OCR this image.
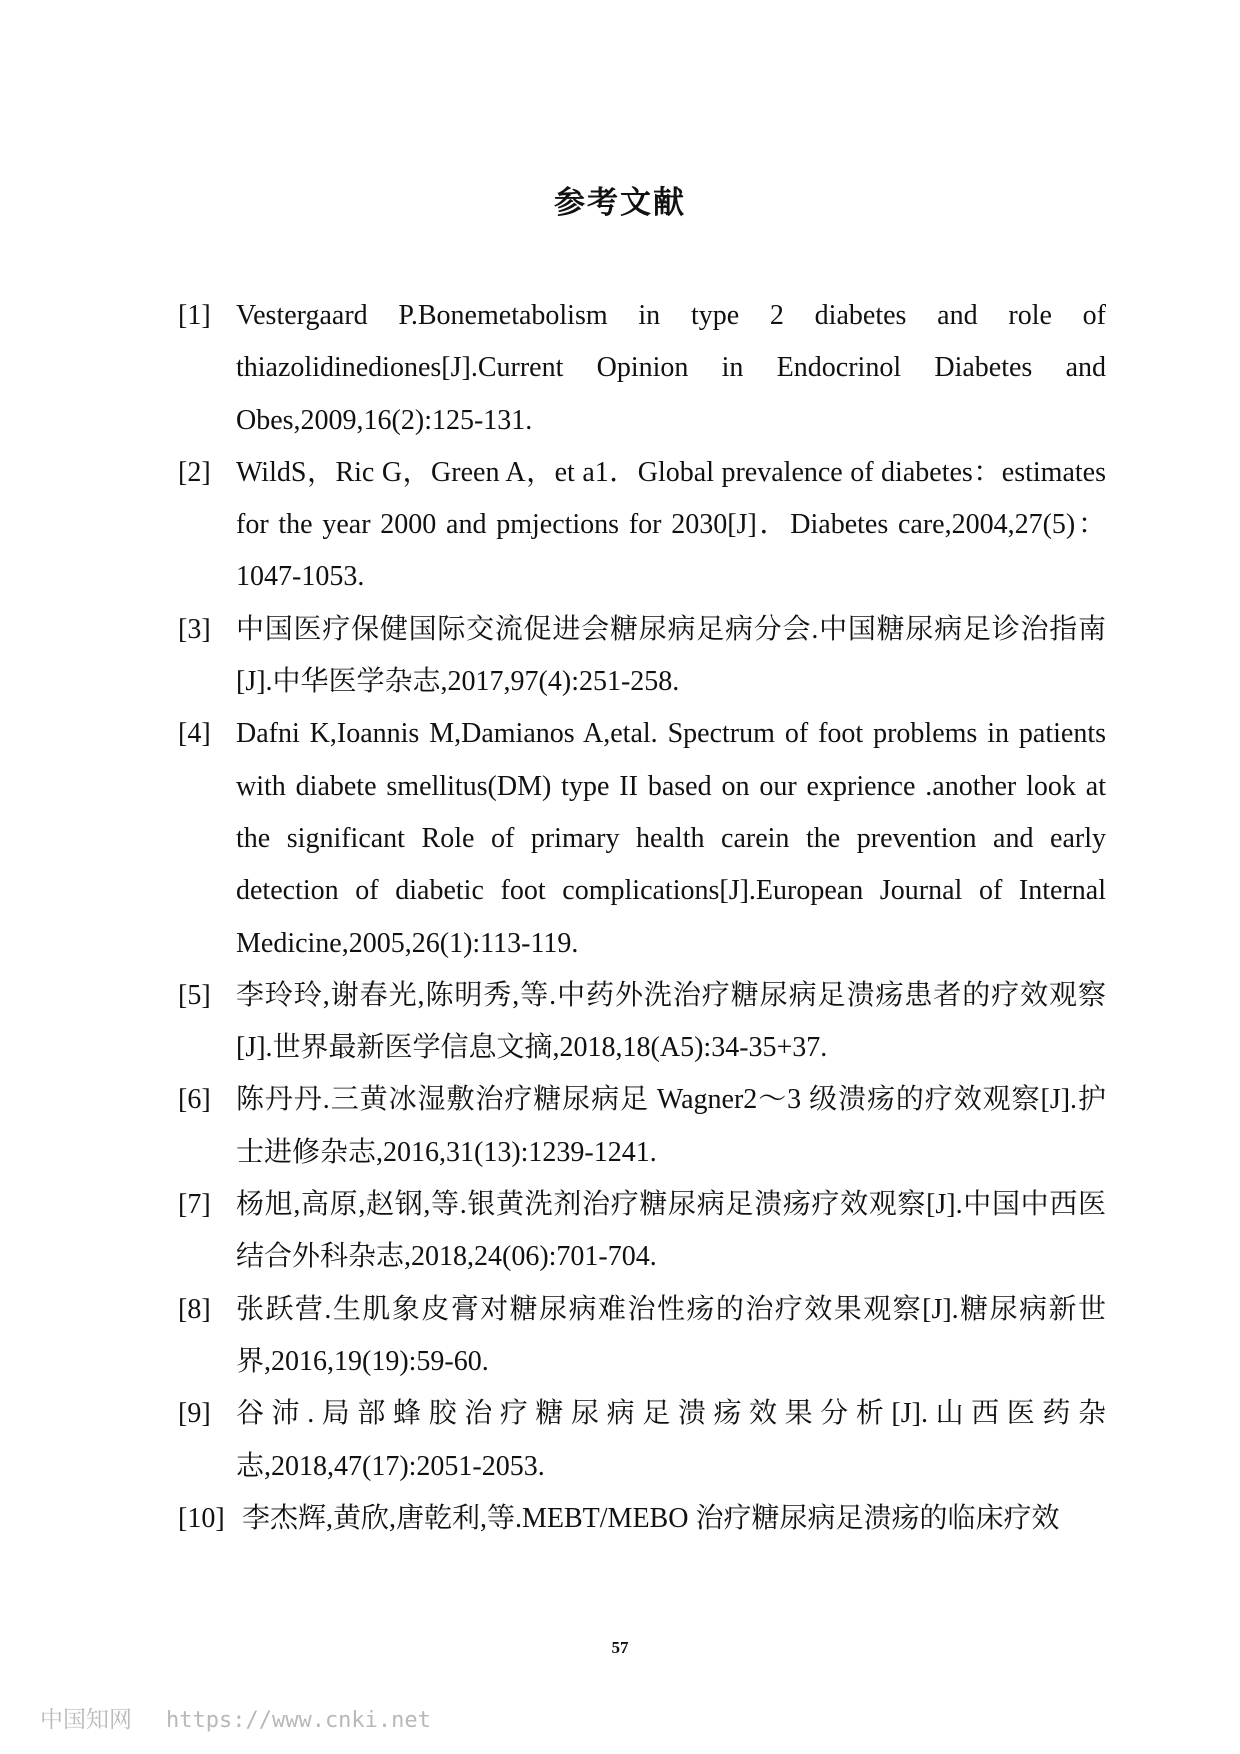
参考文献
[1] Vestergaard P.Bonemetabolism in type 2 diabetes and role of thiazolidinediones[J].Current Opinion in Endocrinol Diabetes and Obes,2009,16(2):125-131.
[2] WildS，Ric G，Green A，et a1．Global prevalence of diabetes：estimates for the year 2000 and pmjections for 2030[J]．Diabetes care,2004,27(5)：1047-1053.
[3] 中国医疗保健国际交流促进会糖尿病足病分会.中国糖尿病足诊治指南[J].中华医学杂志,2017,97(4):251-258.
[4] Dafni K,Ioannis M,Damianos A,etal. Spectrum of foot problems in patients with diabete smellitus(DM) type II based on our exprience .another look at the significant Role of primary health carein the prevention and early detection of diabetic foot complications[J].European Journal of Internal Medicine,2005,26(1):113-119.
[5] 李玲玲,谢春光,陈明秀,等.中药外洗治疗糖尿病足溃疡患者的疗效观察[J].世界最新医学信息文摘,2018,18(A5):34-35+37.
[6] 陈丹丹.三黄冰湿敷治疗糖尿病足 Wagner2～3 级溃疡的疗效观察[J].护士进修杂志,2016,31(13):1239-1241.
[7] 杨旭,高原,赵钢,等.银黄洗剂治疗糖尿病足溃疡疗效观察[J].中国中西医结合外科杂志,2018,24(06):701-704.
[8] 张跃营.生肌象皮膏对糖尿病难治性疡的治疗效果观察[J].糖尿病新世界,2016,19(19):59-60.
[9] 谷沛.局部蜂胶治疗糖尿病足溃疡效果分析[J].山西医药杂志,2018,47(17):2051-2053.
[10] 李杰辉,黄欣,唐乾利,等.MEBT/MEBO 治疗糖尿病足溃疡的临床疗效
57
中国知网 https://www.cnki.net
